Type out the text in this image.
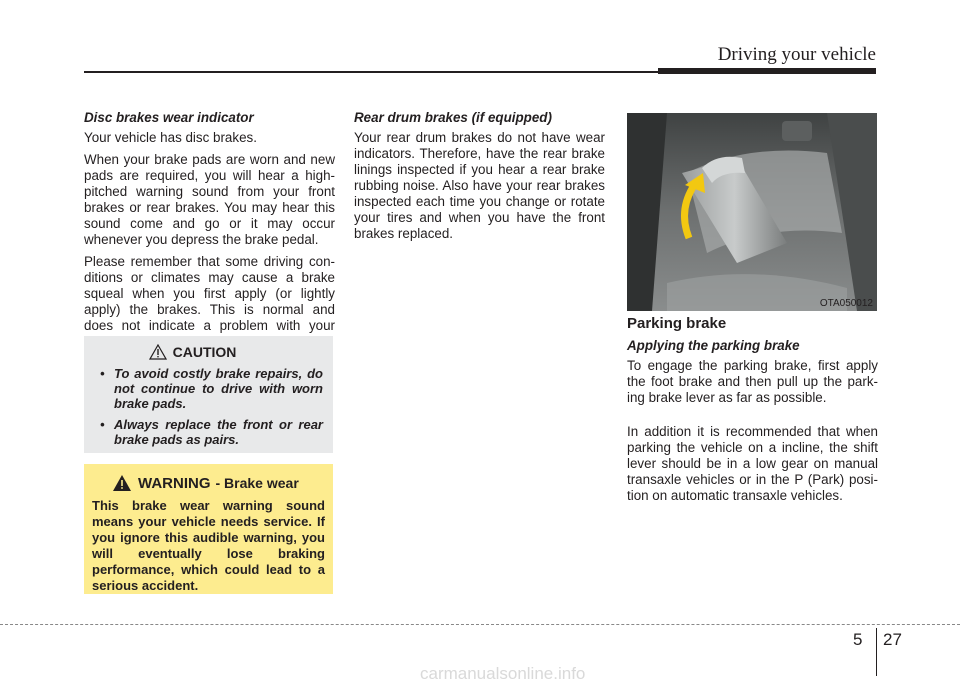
Driving your vehicle
Disc brakes wear indicator

Your vehicle has disc brakes.

When your brake pads are worn and new pads are required, you will hear a high-pitched warning sound from your front brakes or rear brakes. You may hear this sound come and go or it may occur whenever you depress the brake pedal.

Please remember that some driving con-ditions or climates may cause a brake squeal when you first apply (or lightly apply) the brakes. This is normal and does not indicate a problem with your

CAUTION
• To avoid costly brake repairs, do not continue to drive with worn brake pads.
• Always replace the front or rear brake pads as pairs.
WARNING - Brake wear
This brake wear warning sound means your vehicle needs service. If you ignore this audible warning, you will eventually lose braking performance, which could lead to a serious accident.
Rear drum brakes (if equipped)

Your rear drum brakes do not have wear indicators. Therefore, have the rear brake linings inspected if you hear a rear brake rubbing noise. Also have your rear brakes inspected each time you change or rotate your tires and when you have the front brakes replaced.

OTA050012
Parking brake
Applying the parking brake

To engage the parking brake, first apply the foot brake and then pull up the park-ing brake lever as far as possible.

In addition it is recommended that when parking the vehicle on a incline, the shift lever should be in a low gear on manual transaxle vehicles or in the P (Park) posi-tion on automatic transaxle vehicles.

5 27
carmanualsonline.info
